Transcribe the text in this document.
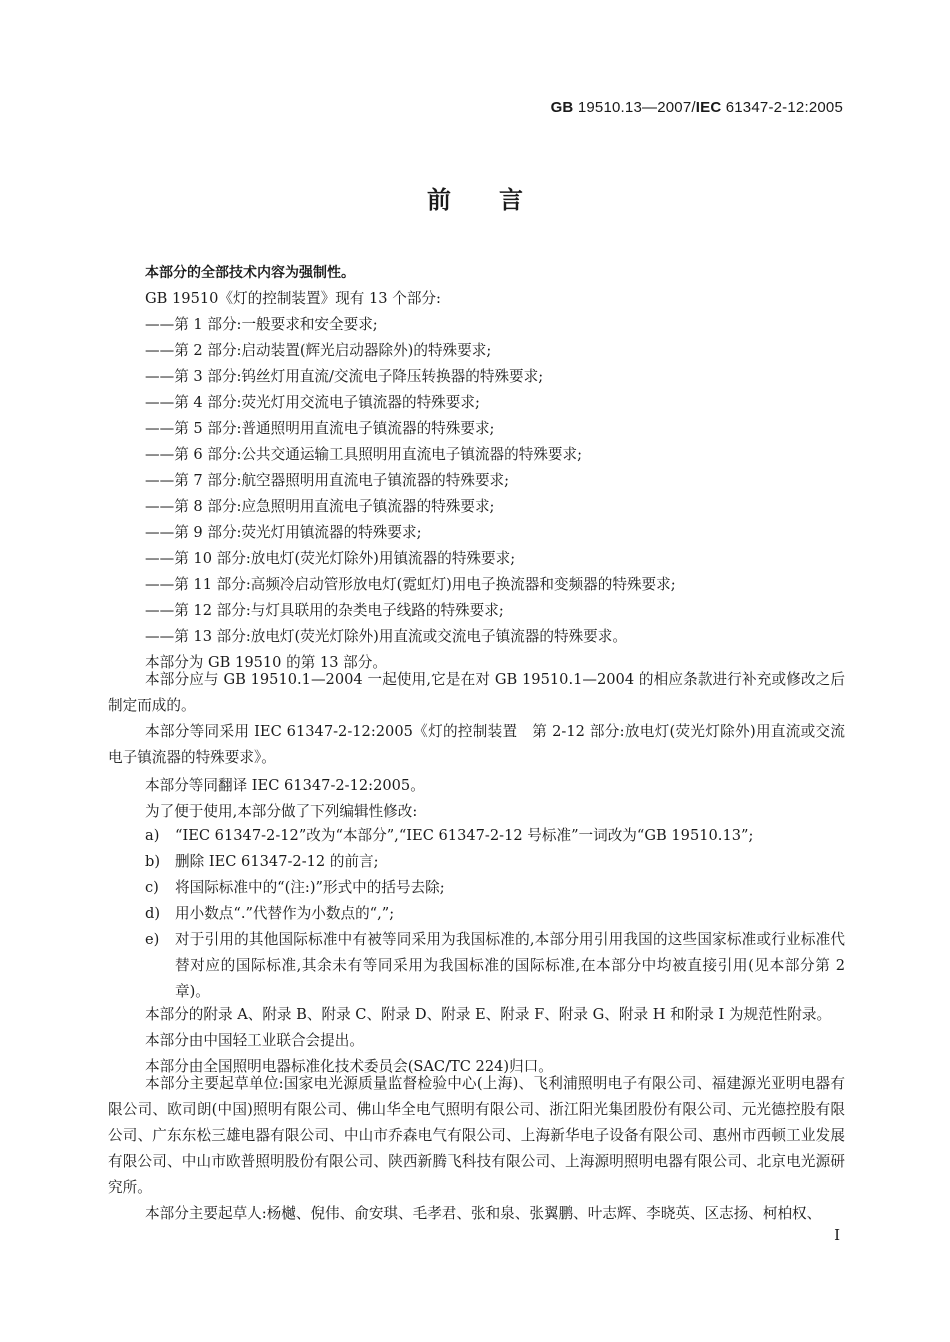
GB 19510.13—2007/IEC 61347-2-12:2005
前言
本部分的全部技术内容为强制性。
GB 19510《灯的控制装置》现有 13 个部分:
——第 1 部分:一般要求和安全要求;
——第 2 部分:启动装置(辉光启动器除外)的特殊要求;
——第 3 部分:钨丝灯用直流/交流电子降压转换器的特殊要求;
——第 4 部分:荧光灯用交流电子镇流器的特殊要求;
——第 5 部分:普通照明用直流电子镇流器的特殊要求;
——第 6 部分:公共交通运输工具照明用直流电子镇流器的特殊要求;
——第 7 部分:航空器照明用直流电子镇流器的特殊要求;
——第 8 部分:应急照明用直流电子镇流器的特殊要求;
——第 9 部分:荧光灯用镇流器的特殊要求;
——第 10 部分:放电灯(荧光灯除外)用镇流器的特殊要求;
——第 11 部分:高频冷启动管形放电灯(霓虹灯)用电子换流器和变频器的特殊要求;
——第 12 部分:与灯具联用的杂类电子线路的特殊要求;
——第 13 部分:放电灯(荧光灯除外)用直流或交流电子镇流器的特殊要求。
本部分为 GB 19510 的第 13 部分。
本部分应与 GB 19510.1—2004 一起使用,它是在对 GB 19510.1—2004 的相应条款进行补充或修改之后制定而成的。
本部分等同采用 IEC 61347-2-12:2005《灯的控制装置　第 2-12 部分:放电灯(荧光灯除外)用直流或交流电子镇流器的特殊要求》。
本部分等同翻译 IEC 61347-2-12:2005。
为了便于使用,本部分做了下列编辑性修改:
a) “IEC 61347-2-12”改为“本部分”,“IEC 61347-2-12 号标准”一词改为“GB 19510.13”;
b) 删除 IEC 61347-2-12 的前言;
c) 将国际标准中的“(注:)”形式中的括号去除;
d) 用小数点“.”代替作为小数点的“,”;
e) 对于引用的其他国际标准中有被等同采用为我国标准的,本部分用引用我国的这些国家标准或行业标准代替对应的国际标准,其余未有等同采用为我国标准的国际标准,在本部分中均被直接引用(见本部分第 2 章)。
本部分的附录 A、附录 B、附录 C、附录 D、附录 E、附录 F、附录 G、附录 H 和附录 I 为规范性附录。
本部分由中国轻工业联合会提出。
本部分由全国照明电器标准化技术委员会(SAC/TC 224)归口。
本部分主要起草单位:国家电光源质量监督检验中心(上海)、飞利浦照明电子有限公司、福建源光亚明电器有限公司、欧司朗(中国)照明有限公司、佛山华全电气照明有限公司、浙江阳光集团股份有限公司、元光德控股有限公司、广东东松三雄电器有限公司、中山市乔森电气有限公司、上海新华电子设备有限公司、惠州市西顿工业发展有限公司、中山市欧普照明股份有限公司、陕西新腾飞科技有限公司、上海源明照明电器有限公司、北京电光源研究所。
本部分主要起草人:杨樾、倪伟、俞安琪、毛孝君、张和泉、张翼鹏、叶志辉、李晓英、区志扬、柯柏权、
I
